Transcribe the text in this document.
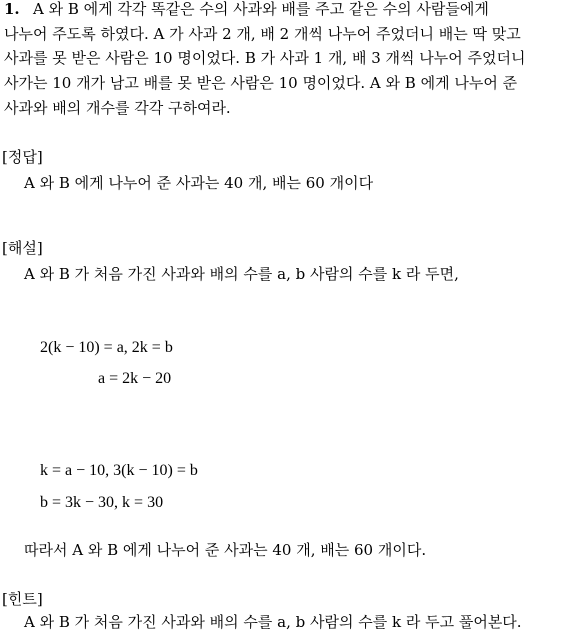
1. A 와 B 에게 각각 똑같은 수의 사과와 배를 주고 같은 수의 사람들에게
나누어 주도록 하였다. A 가 사과 2 개, 배 2 개씩 나누어 주었더니 배는 딱 맞고
사과를 못 받은 사람은 10 명이었다. B 가 사과 1 개, 배 3 개씩 나누어 주었더니
사가는 10 개가 남고 배를 못 받은 사람은 10 명이었다. A 와 B 에게 나누어 준
사과와 배의 개수를 각각 구하여라.
[정답]
A 와 B 에게 나누어 준 사과는 40 개, 배는 60 개이다
[해설]
A 와 B 가 처음 가진 사과와 배의 수를 a, b 사람의 수를 k 라 두면,
2(k − 10) = a, 2k = b
a = 2k − 20
k = a − 10, 3(k − 10) = b
b = 3k − 30, k = 30
따라서 A 와 B 에게 나누어 준 사과는 40 개, 배는 60 개이다.
[힌트]
A 와 B 가 처음 가진 사과와 배의 수를 a, b 사람의 수를 k 라 두고 풀어본다.
